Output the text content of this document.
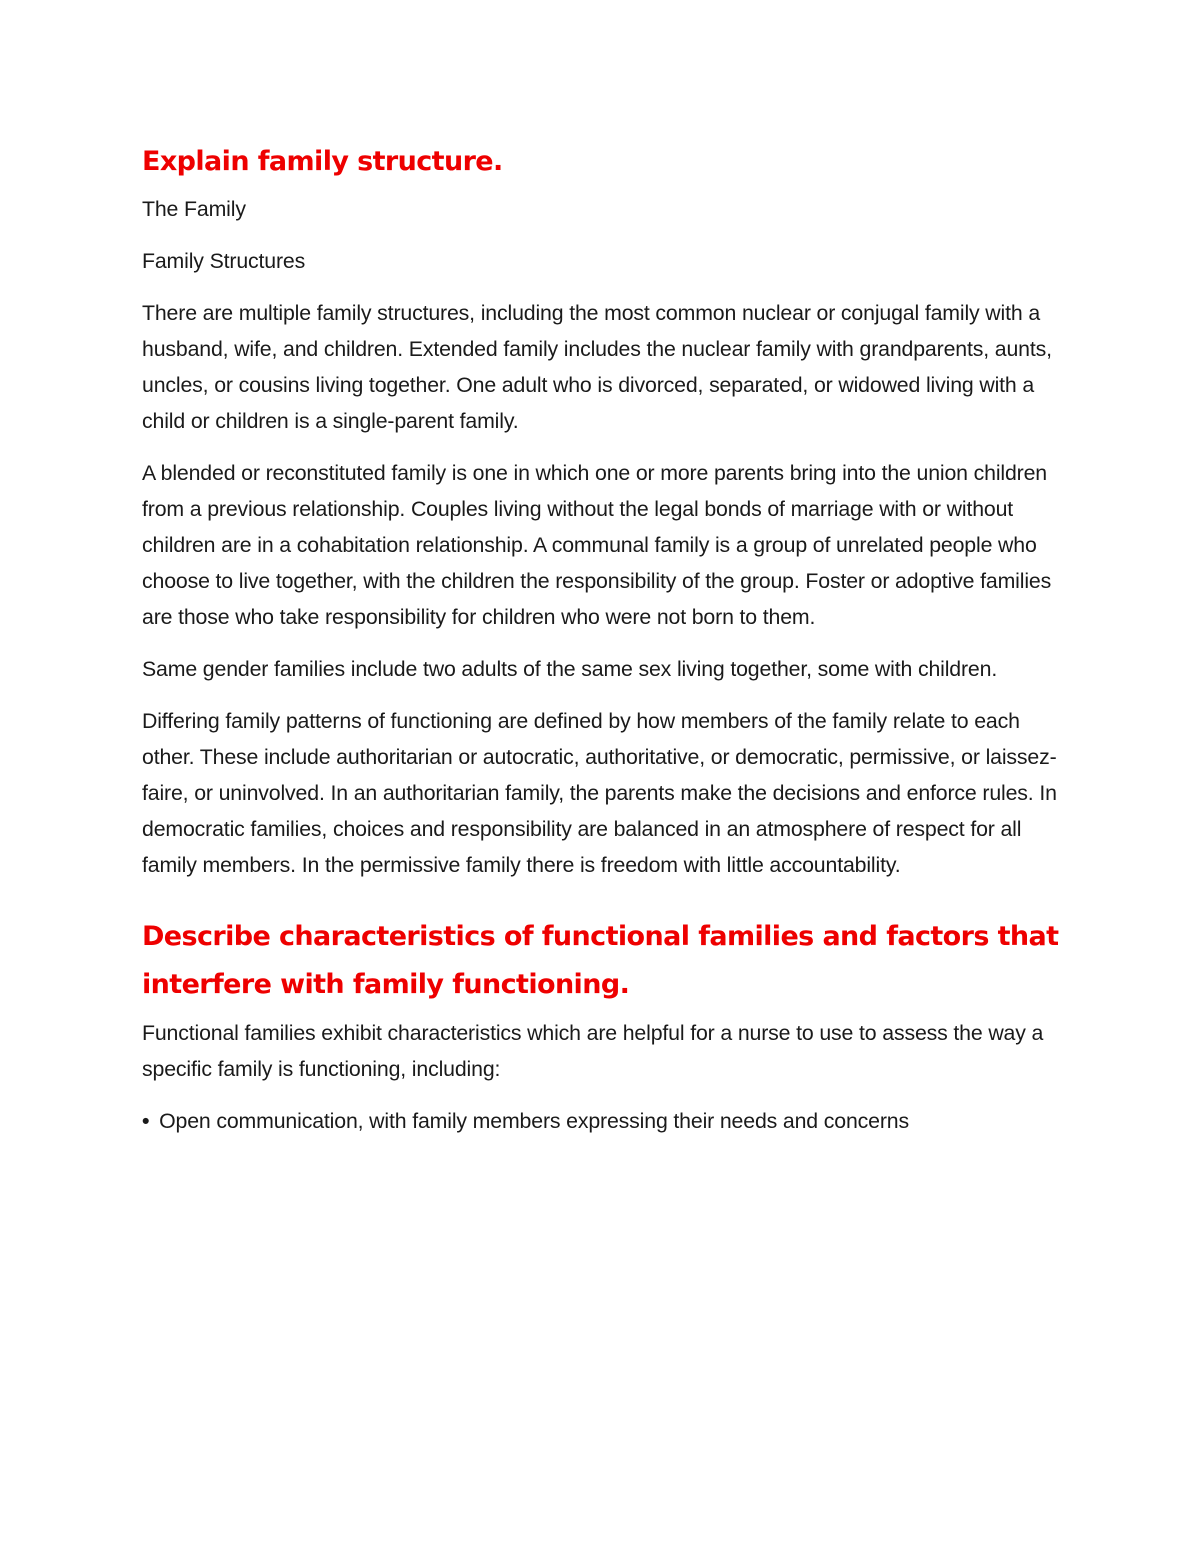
Explain family structure.

The Family

Family Structures

There are multiple family structures, including the most common nuclear or conjugal family with a husband, wife, and children. Extended family includes the nuclear family with grandparents, aunts, uncles, or cousins living together. One adult who is divorced, separated, or widowed living with a child or children is a single-parent family.

A blended or reconstituted family is one in which one or more parents bring into the union children from a previous relationship. Couples living without the legal bonds of marriage with or without children are in a cohabitation relationship. A communal family is a group of unrelated people who choose to live together, with the children the responsibility of the group. Foster or adoptive families are those who take responsibility for children who were not born to them.

Same gender families include two adults of the same sex living together, some with children.

Differing family patterns of functioning are defined by how members of the family relate to each other. These include authoritarian or autocratic, authoritative, or democratic, permissive, or laissez-faire, or uninvolved. In an authoritarian family, the parents make the decisions and enforce rules. In democratic families, choices and responsibility are balanced in an atmosphere of respect for all family members. In the permissive family there is freedom with little accountability.

Describe characteristics of functional families and factors that interfere with family functioning.

Functional families exhibit characteristics which are helpful for a nurse to use to assess the way a specific family is functioning, including:

• Open communication, with family members expressing their needs and concerns
